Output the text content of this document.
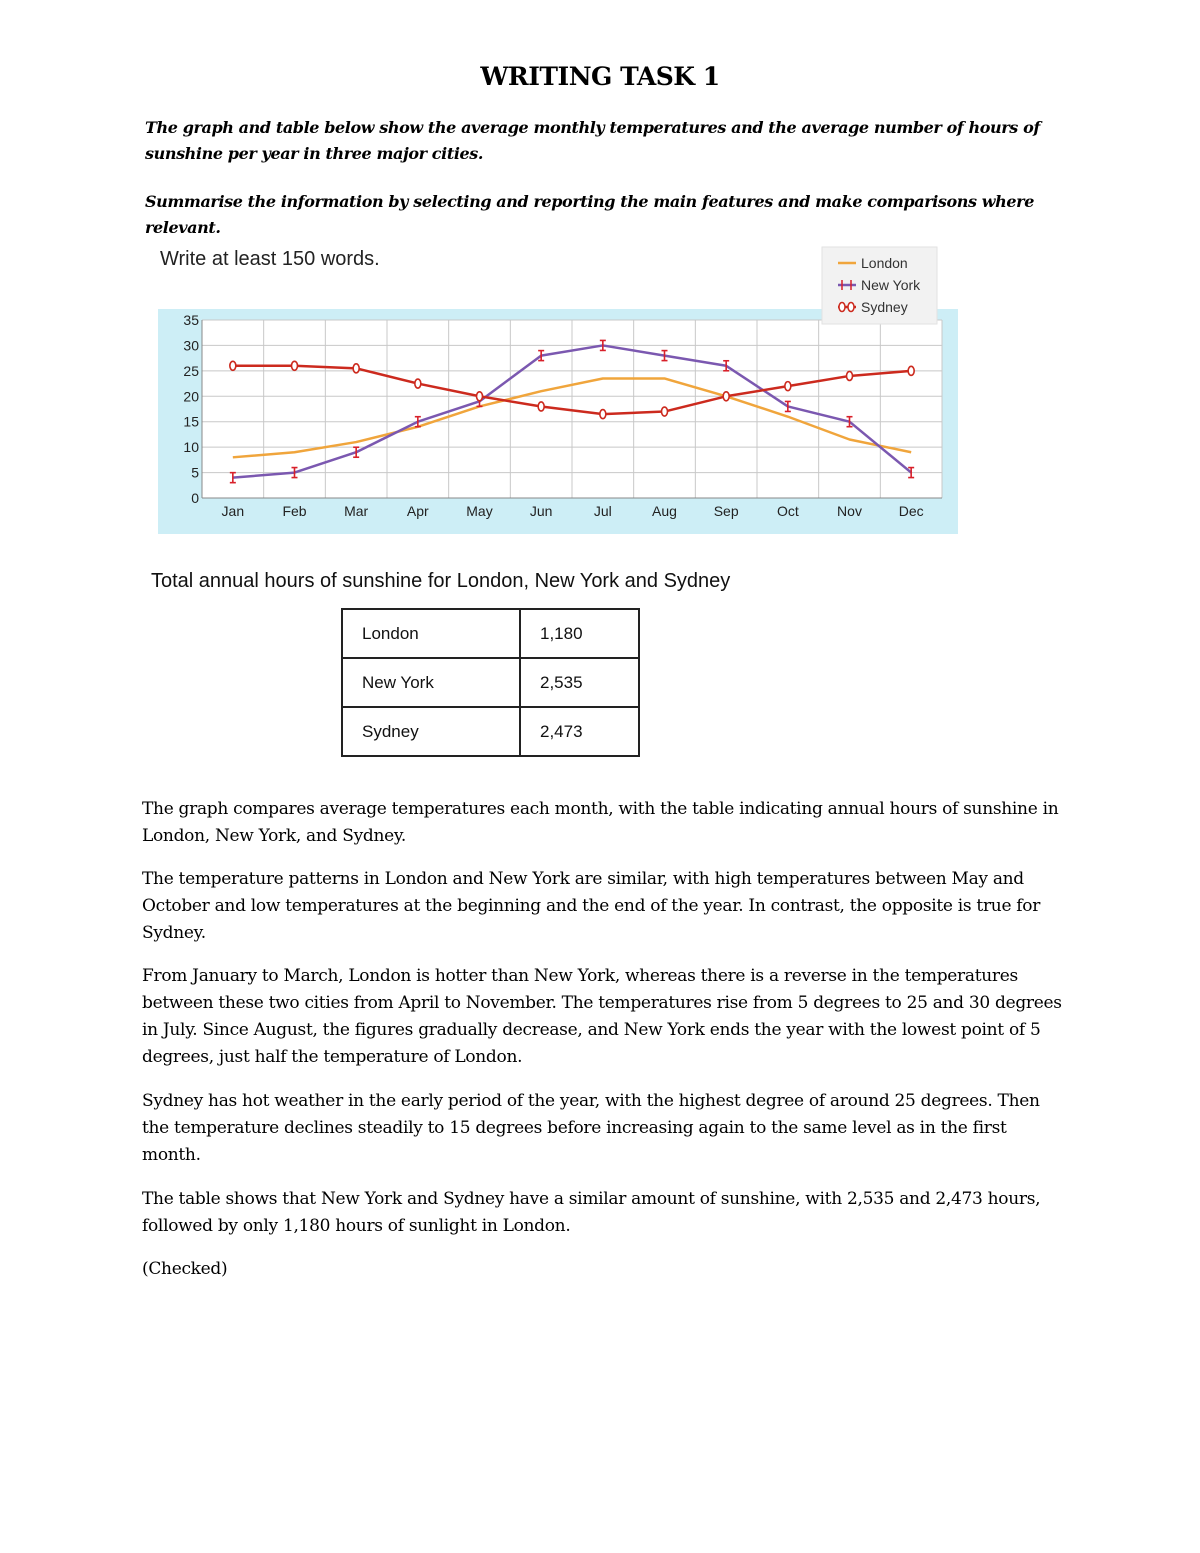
WRITING TASK 1
The graph and table below show the average monthly temperatures and the average number of hours of sunshine per year in three major cities.
Summarise the information by selecting and reporting the main features and make comparisons where relevant.
Write at least 150 words.
0
5
10
15
20
25
30
35
Jan	Feb	Mar	Apr	May	Jun	Jul	Aug	Sep	Oct	Nov	Dec
London
New York
Sydney
Total annual hours of sunshine for London, New York and Sydney
London	1,180
New York	2,535
Sydney	2,473
The graph compares average temperatures each month, with the table indicating annual hours of sunshine in London, New York, and Sydney.
The temperature patterns in London and New York are similar, with high temperatures between May and October and low temperatures at the beginning and the end of the year. In contrast, the opposite is true for Sydney.
From January to March, London is hotter than New York, whereas there is a reverse in the temperatures between these two cities from April to November. The temperatures rise from 5 degrees to 25 and 30 degrees in July. Since August, the figures gradually decrease, and New York ends the year with the lowest point of 5 degrees, just half the temperature of London.
Sydney has hot weather in the early period of the year, with the highest degree of around 25 degrees. Then the temperature declines steadily to 15 degrees before increasing again to the same level as in the first month.
The table shows that New York and Sydney have a similar amount of sunshine, with 2,535 and 2,473 hours, followed by only 1,180 hours of sunlight in London.
(Checked)
